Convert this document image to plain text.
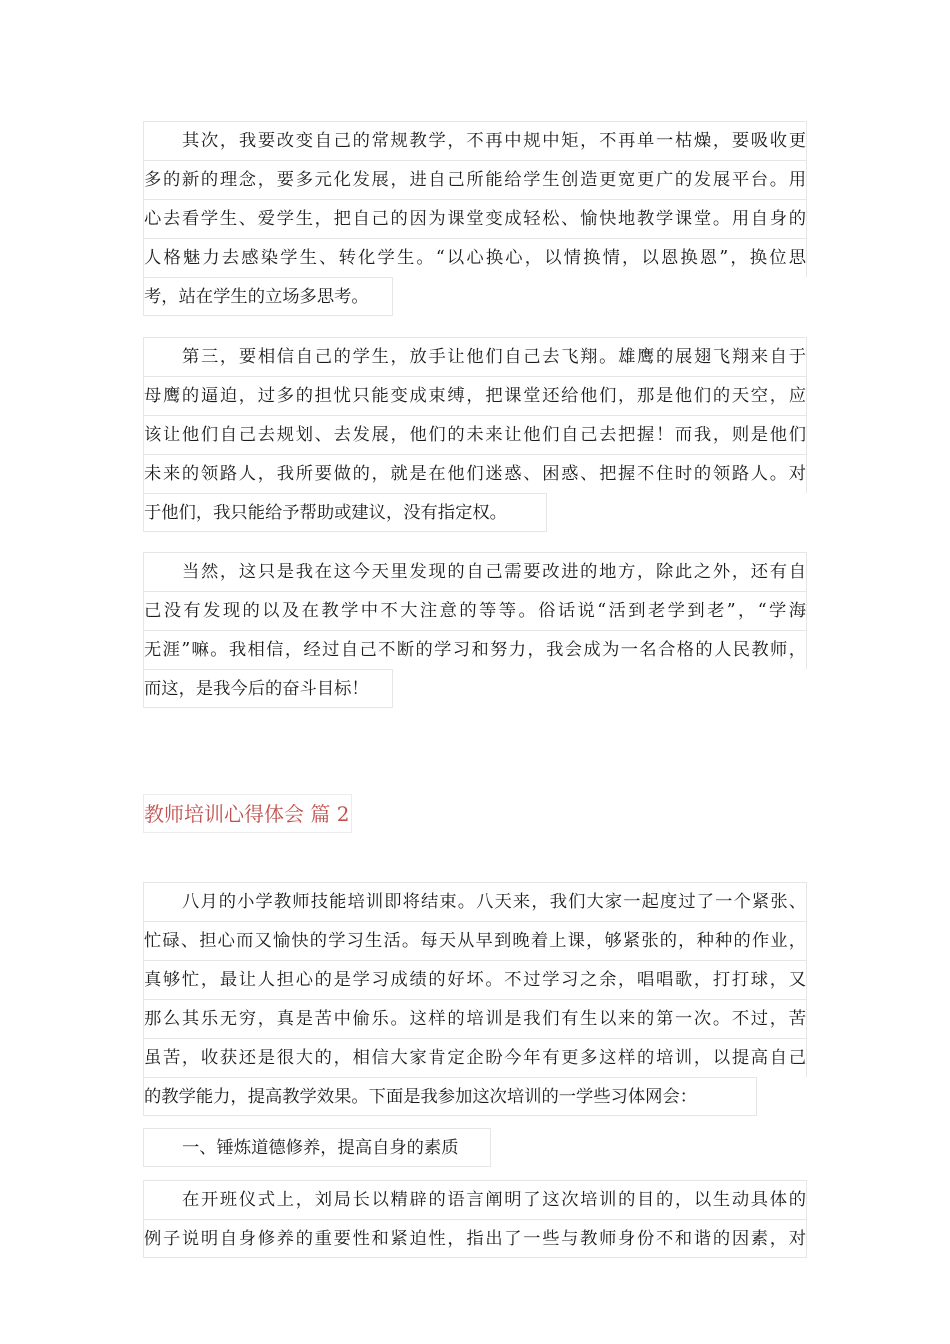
其次，我要改变自己的常规教学，不再中规中矩，不再单一枯燥，要吸收更
多的新的理念，要多元化发展，进自己所能给学生创造更宽更广的发展平台。用
心去看学生、爱学生，把自己的因为课堂变成轻松、愉快地教学课堂。用自身的
人格魅力去感染学生、转化学生。“以心换心，以情换情，以恩换恩”，换位思
考，站在学生的立场多思考。
第三，要相信自己的学生，放手让他们自己去飞翔。雄鹰的展翅飞翔来自于
母鹰的逼迫，过多的担忧只能变成束缚，把课堂还给他们，那是他们的天空，应
该让他们自己去规划、去发展，他们的未来让他们自己去把握！而我，则是他们
未来的领路人，我所要做的，就是在他们迷惑、困惑、把握不住时的领路人。对
于他们，我只能给予帮助或建议，没有指定权。
当然，这只是我在这今天里发现的自己需要改进的地方，除此之外，还有自
己没有发现的以及在教学中不大注意的等等。俗话说“活到老学到老”，“学海
无涯”嘛。我相信，经过自己不断的学习和努力，我会成为一名合格的人民教师，
而这，是我今后的奋斗目标！
教师培训心得体会 篇 2
八月的小学教师技能培训即将结束。八天来，我们大家一起度过了一个紧张、
忙碌、担心而又愉快的学习生活。每天从早到晚着上课，够紧张的，种种的作业，
真够忙，最让人担心的是学习成绩的好坏。不过学习之余，唱唱歌，打打球，又
那么其乐无穷，真是苦中偷乐。这样的培训是我们有生以来的第一次。不过，苦
虽苦，收获还是很大的，相信大家肯定企盼今年有更多这样的培训，以提高自己
的教学能力，提高教学效果。下面是我参加这次培训的一学些习体网会：
一、锤炼道德修养，提高自身的素质
在开班仪式上，刘局长以精辟的语言阐明了这次培训的目的，以生动具体的
例子说明自身修养的重要性和紧迫性，指出了一些与教师身份不和谐的因素，对
